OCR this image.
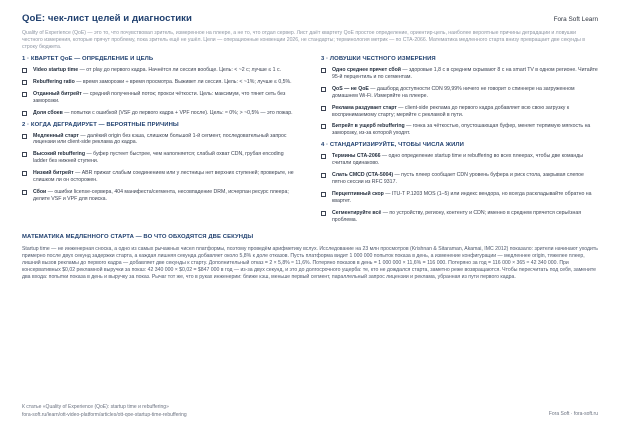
QoE: чек-лист целей и диагностики	Fora Soft Learn
Quality of Experience (QoE) — это то, что почувствовал зритель, измеренное на плеере, а не то, что отдал сервер. Лист даёт квартету QoE простое определение, ориентир-цель, наиболее вероятные причины деградации и ловушки честного измерения, которые прячут проблему, пока зритель ещё не ушёл. Цели — операционные конвенции 2026, не стандарты; терминология метрик — по CTA-2066. Математика медленного старта внизу превращает две секунды в строку бюджета.
1 · КВАРТЕТ QoE — ОПРЕДЕЛЕНИЕ И ЦЕЛЬ
Video startup time — от play до первого кадра. Начнётся ли сессия вообще. Цель: < ~2 с; лучше ≤ 1 с.
Rebuffering ratio — время заморозки ÷ время просмотра. Выживет ли сессия. Цель: < ~1%; лучше ≤ 0,5%.
Отданный битрейт — средний полученный поток; прокси чёткости. Цель: максимум, что тянет сеть без заморозки.
Доля сбоев — попытки с ошибкой (VSF до первого кадра + VPF после). Цель: ≈ 0%; > ~0,5% — это пожар.
2 · КОГДА ДЕГРАДИРУЕТ — ВЕРОЯТНЫЕ ПРИЧИНЫ
Медленный старт — далёкий origin без кэша, слишком большой 1-й сегмент, последовательный запрос лицензии или client-side реклама до кадра.
Высокий rebuffering — буфер пустеет быстрее, чем наполняется; слабый охват CDN, грубая encoding ladder без нижней ступени.
Низкий битрейт — ABR прижат слабым соединением или у лестницы нет верхних ступеней; проверьте, не слишком ли он осторожен.
Сбои — ошибки license-сервера, 404 манифеста/сегмента, несовпадение DRM, исчерпан ресурс плеера; делите VSF и VPF для поиска.
3 · ЛОВУШКИ ЧЕСТНОГО ИЗМЕРЕНИЯ
Одно среднее прячет сбой — здоровые 1,8 с в среднем скрывают 8 с на smart TV в одном регионе. Читайте 95-й перцентиль и по сегментам.
QoS — не QoE — дашборд доступности CDN 99,99% ничего не говорит о спиннере на загруженном домашнем Wi-Fi. Измеряйте на плеере.
Реклама раздувает старт — client-side реклама до первого кадра добавляет всю свою загрузку к воспринимаемому старту; меряйте с рекламой в пути.
Битрейт в ущерб rebuffering — гонка за чёткостью, опустошающая буфер, меняет терпимую мягкость на заморозку, из-за которой уходят.
4 · СТАНДАРТИЗИРУЙТЕ, ЧТОБЫ ЧИСЛА ЖИЛИ
Термины CTA-2066 — одно определение startup time и rebuffering во всех плеерах, чтобы две команды считали одинаково.
Слать CMCD (CTA-5004) — пусть плеер сообщает CDN уровень буфера и риск стола, закрывая слепое пятно сессии из RFC 9317.
Перцептивный скор — ITU-T P.1203 MOS (1–5) или индекс вендора, но всегда раскладывайте обратно на квартет.
Сегментируйте всё — по устройству, региону, контенту и CDN; именно в среднем прячется серьёзная проблема.
МАТЕМАТИКА МЕДЛЕННОГО СТАРТА — ВО ЧТО ОБХОДЯТСЯ ДВЕ СЕКУНДЫ
Startup time — не инженерная сноска, а одно из самых рычажных чисел платформы, поэтому проведём арифметику вслух. Исследование на 23 млн просмотров (Krishnan & Sitaraman, Akamai, IMC 2012) показало: зрители начинают уходить примерно после двух секунд задержки старта, а каждая лишняя секунда добавляет около 5,8% к доле отказов. Пусть платформа видит 1 000 000 попыток показа в день, а изменение конфигурации — медленнее origin, тяжелее плеер, лишний вызов рекламы до первого кадра — добавляет две секунды к старту. Дополнительный отказ = 2 × 5,8% ≈ 11,6%. Потеряно показов в день = 1 000 000 × 11,6% = 116 000. Потеряно за год = 116 000 × 365 ≈ 42 340 000. При консервативных $0,02 рекламной выручки за показ: 42 340 000 × $0,02 = $847 000 в год — из-за двух секунд, и это до долгосрочного ущерба: те, кто не дождался старта, заметно реже возвращаются. Чтобы пересчитать под себя, замените два входа: попытки показа в день и выручку за показ. Рычаг тот же, что в руках инженерии: ближе кэш, меньше первый сегмент, параллельный запрос лицензии и реклама, убранная из пути первого кадра.
К статье «Quality of Experience (QoE): startup time и rebuffering»
fora-soft.ru/learn/ott-video-platform/articles/ott-qoe-startup-time-rebuffering	Fora Soft · fora-soft.ru
